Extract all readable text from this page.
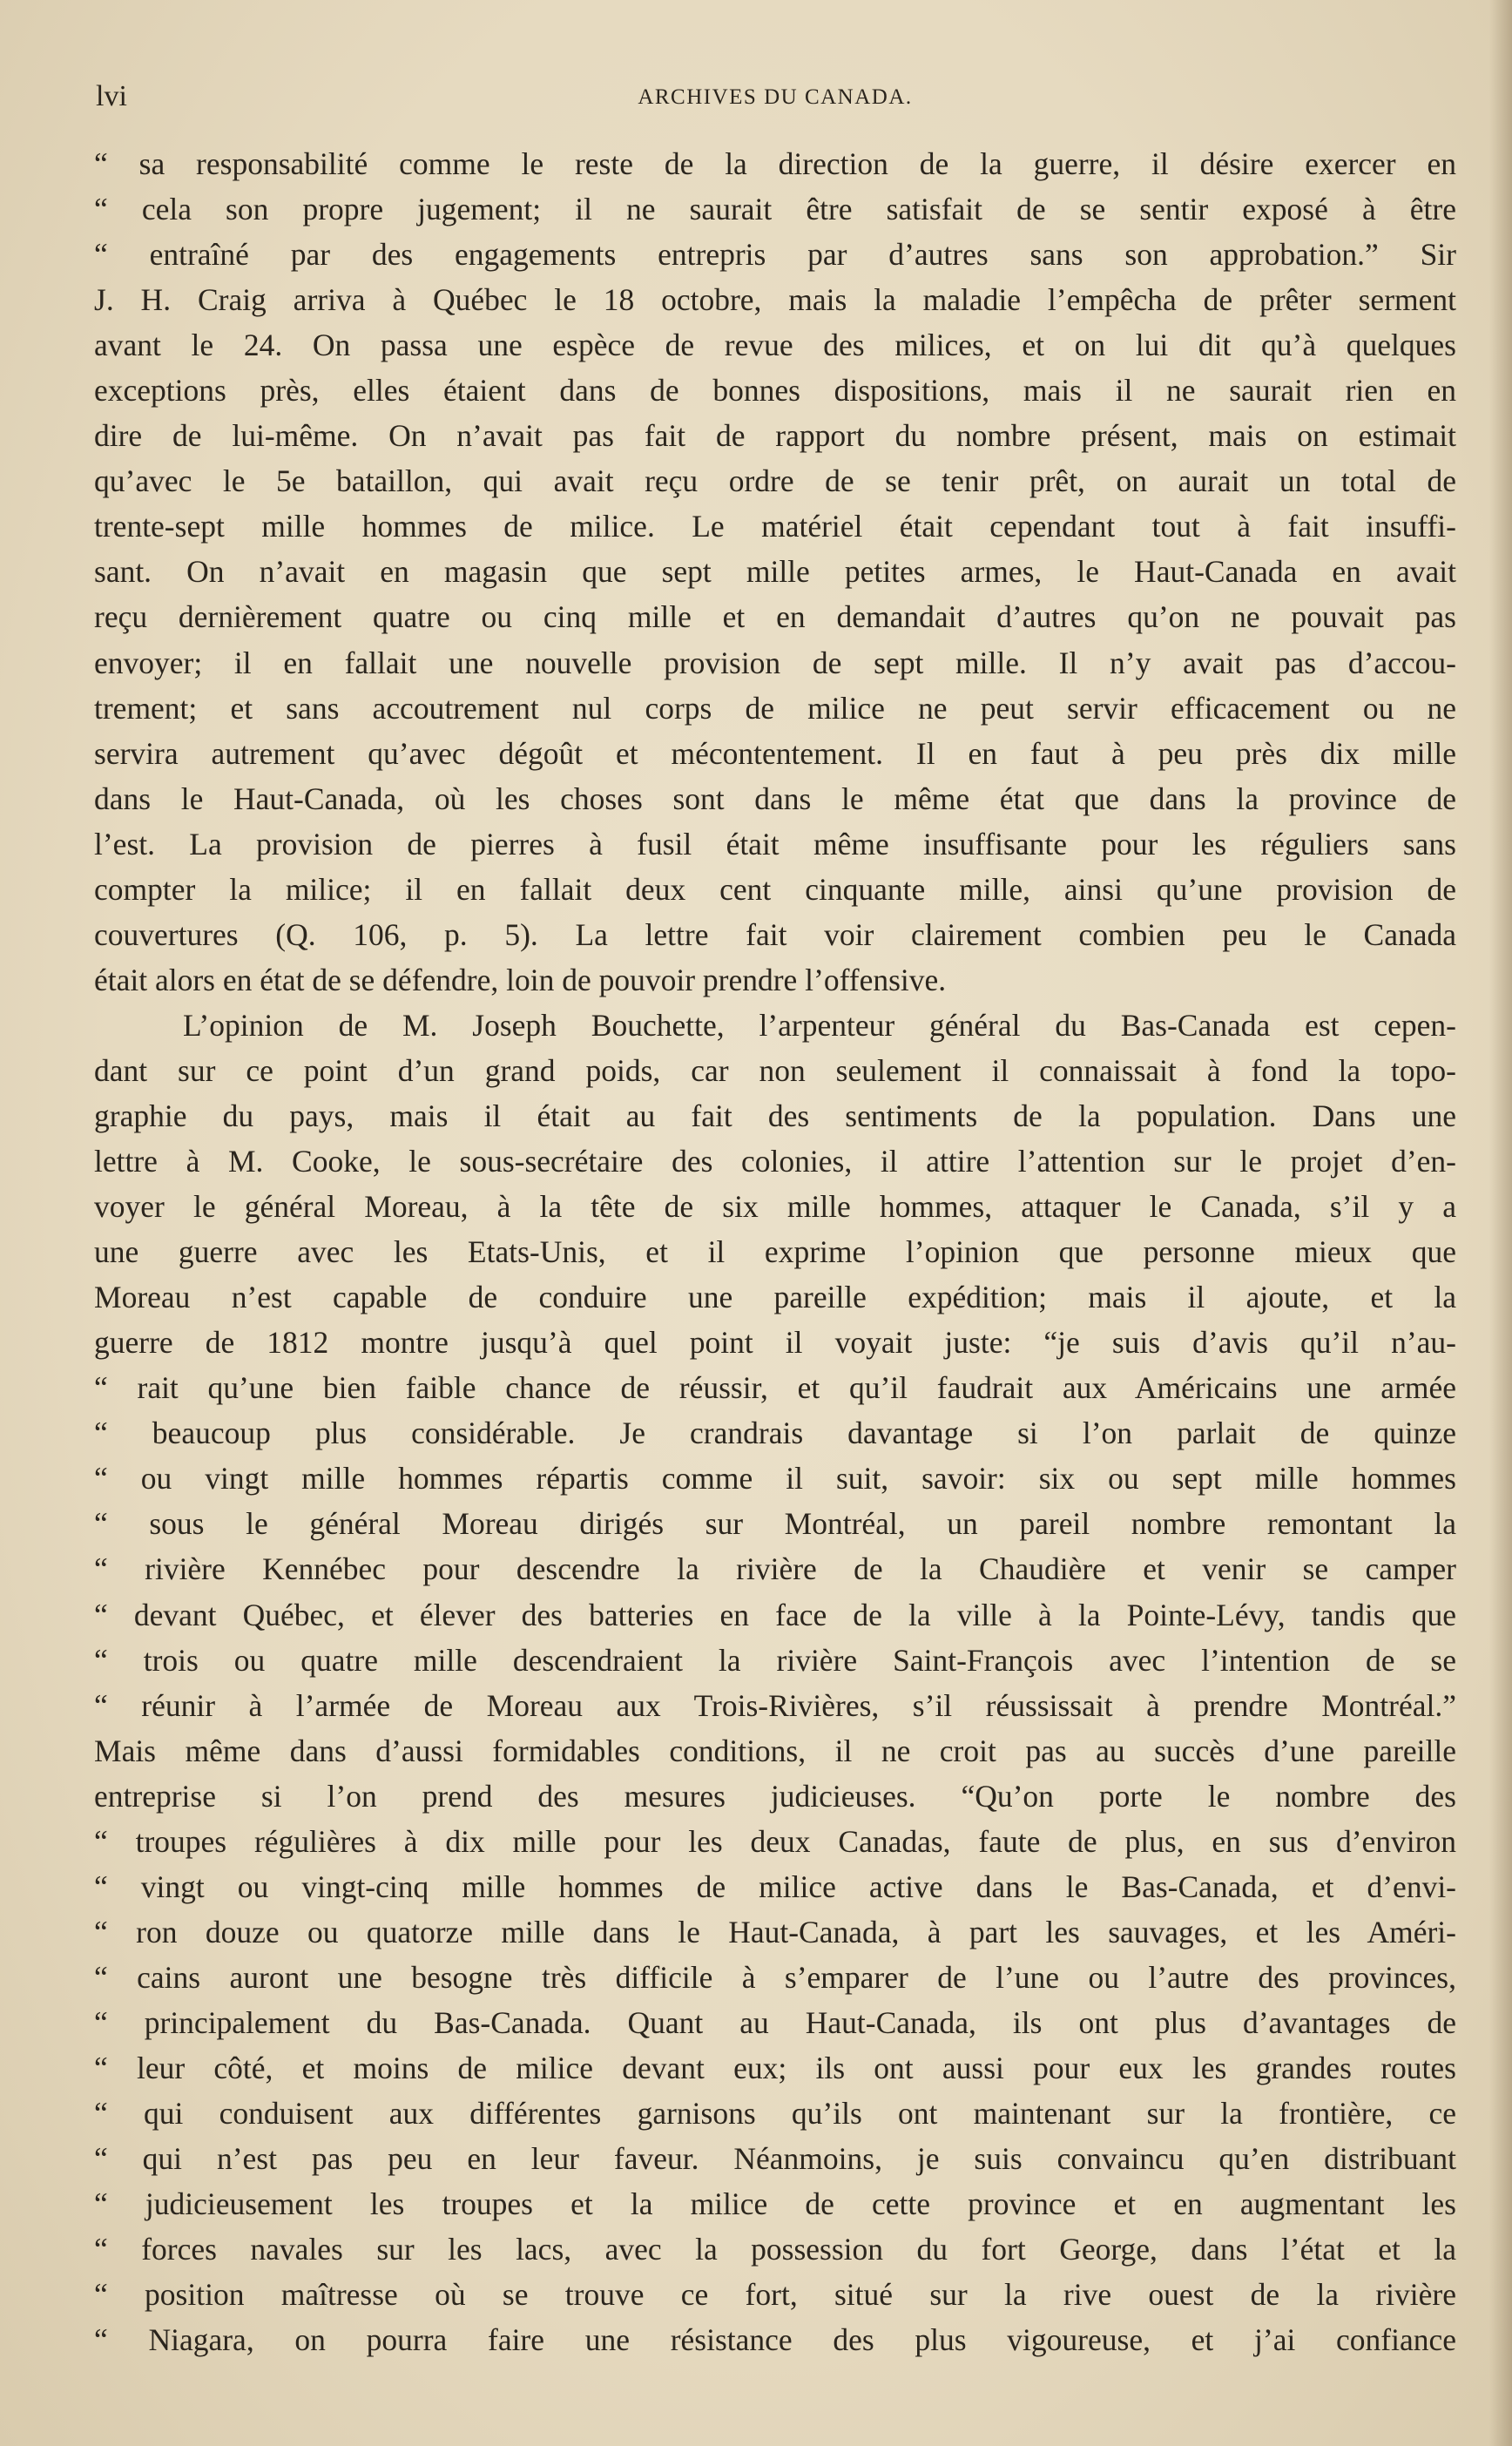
lvi	ARCHIVES DU CANADA.
“ sa responsabilité comme le reste de la direction de la guerre, il désire exercer en
“ cela son propre jugement; il ne saurait être satisfait de se sentir exposé à être
“ entraîné par des engagements entrepris par d’autres sans son approbation.” Sir
J. H. Craig arriva à Québec le 18 octobre, mais la maladie l’empêcha de prêter serment
avant le 24. On passa une espèce de revue des milices, et on lui dit qu’à quelques
exceptions près, elles étaient dans de bonnes dispositions, mais il ne saurait rien en
dire de lui-même. On n’avait pas fait de rapport du nombre présent, mais on estimait
qu’avec le 5e bataillon, qui avait reçu ordre de se tenir prêt, on aurait un total de
trente-sept mille hommes de milice. Le matériel était cependant tout à fait insuffi-
sant. On n’avait en magasin que sept mille petites armes, le Haut-Canada en avait
reçu dernièrement quatre ou cinq mille et en demandait d’autres qu’on ne pouvait pas
envoyer; il en fallait une nouvelle provision de sept mille. Il n’y avait pas d’accou-
trement; et sans accoutrement nul corps de milice ne peut servir efficacement ou ne
servira autrement qu’avec dégoût et mécontentement. Il en faut à peu près dix mille
dans le Haut-Canada, où les choses sont dans le même état que dans la province de
l’est. La provision de pierres à fusil était même insuffisante pour les réguliers sans
compter la milice; il en fallait deux cent cinquante mille, ainsi qu’une provision de
couvertures (Q. 106, p. 5). La lettre fait voir clairement combien peu le Canada
était alors en état de se défendre, loin de pouvoir prendre l’offensive.
L’opinion de M. Joseph Bouchette, l’arpenteur général du Bas-Canada est cepen-
dant sur ce point d’un grand poids, car non seulement il connaissait à fond la topo-
graphie du pays, mais il était au fait des sentiments de la population. Dans une
lettre à M. Cooke, le sous-secrétaire des colonies, il attire l’attention sur le projet d’en-
voyer le général Moreau, à la tête de six mille hommes, attaquer le Canada, s’il y a
une guerre avec les Etats-Unis, et il exprime l’opinion que personne mieux que
Moreau n’est capable de conduire une pareille expédition; mais il ajoute, et la
guerre de 1812 montre jusqu’à quel point il voyait juste: “je suis d’avis qu’il n’au-
“ rait qu’une bien faible chance de réussir, et qu’il faudrait aux Américains une armée
“ beaucoup plus considérable. Je crandrais davantage si l’on parlait de quinze
“ ou vingt mille hommes répartis comme il suit, savoir: six ou sept mille hommes
“ sous le général Moreau dirigés sur Montréal, un pareil nombre remontant la
“ rivière Kennébec pour descendre la rivière de la Chaudière et venir se camper
“ devant Québec, et élever des batteries en face de la ville à la Pointe-Lévy, tandis que
“ trois ou quatre mille descendraient la rivière Saint-François avec l’intention de se
“ réunir à l’armée de Moreau aux Trois-Rivières, s’il réussissait à prendre Montréal.”
Mais même dans d’aussi formidables conditions, il ne croit pas au succès d’une pareille
entreprise si l’on prend des mesures judicieuses. “Qu’on porte le nombre des
“ troupes régulières à dix mille pour les deux Canadas, faute de plus, en sus d’environ
“ vingt ou vingt-cinq mille hommes de milice active dans le Bas-Canada, et d’envi-
“ ron douze ou quatorze mille dans le Haut-Canada, à part les sauvages, et les Améri-
“ cains auront une besogne très difficile à s’emparer de l’une ou l’autre des provinces,
“ principalement du Bas-Canada. Quant au Haut-Canada, ils ont plus d’avantages de
“ leur côté, et moins de milice devant eux; ils ont aussi pour eux les grandes routes
“ qui conduisent aux différentes garnisons qu’ils ont maintenant sur la frontière, ce
“ qui n’est pas peu en leur faveur. Néanmoins, je suis convaincu qu’en distribuant
“ judicieusement les troupes et la milice de cette province et en augmentant les
“ forces navales sur les lacs, avec la possession du fort George, dans l’état et la
“ position maîtresse où se trouve ce fort, situé sur la rive ouest de la rivière
“ Niagara, on pourra faire une résistance des plus vigoureuse, et j’ai confiance
